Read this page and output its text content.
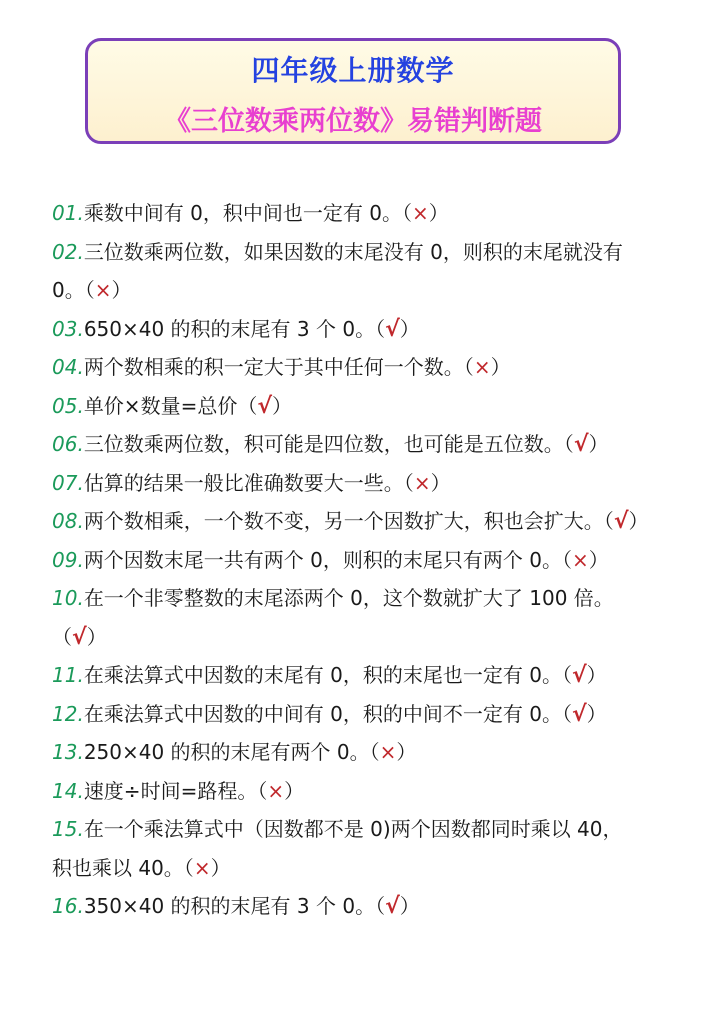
四年级上册数学
《三位数乘两位数》易错判断题
01.乘数中间有 0，积中间也一定有 0。（×）
02.三位数乘两位数，如果因数的末尾没有 0，则积的末尾就没有
0。（×）
03.650×40 的积的末尾有 3 个 0。（√）
04.两个数相乘的积一定大于其中任何一个数。（×）
05.单价×数量=总价（√）
06.三位数乘两位数，积可能是四位数，也可能是五位数。（√）
07.估算的结果一般比准确数要大一些。（×）
08.两个数相乘，一个数不变，另一个因数扩大，积也会扩大。（√）
09.两个因数末尾一共有两个 0，则积的末尾只有两个 0。（×）
10.在一个非零整数的末尾添两个 0，这个数就扩大了 100 倍。
（√）
11.在乘法算式中因数的末尾有 0，积的末尾也一定有 0。（√）
12.在乘法算式中因数的中间有 0，积的中间不一定有 0。（√）
13.250×40 的积的末尾有两个 0。（×）
14.速度÷时间=路程。（×）
15.在一个乘法算式中（因数都不是 0)两个因数都同时乘以 40，
积也乘以 40。（×）
16.350×40 的积的末尾有 3 个 0。（√）
